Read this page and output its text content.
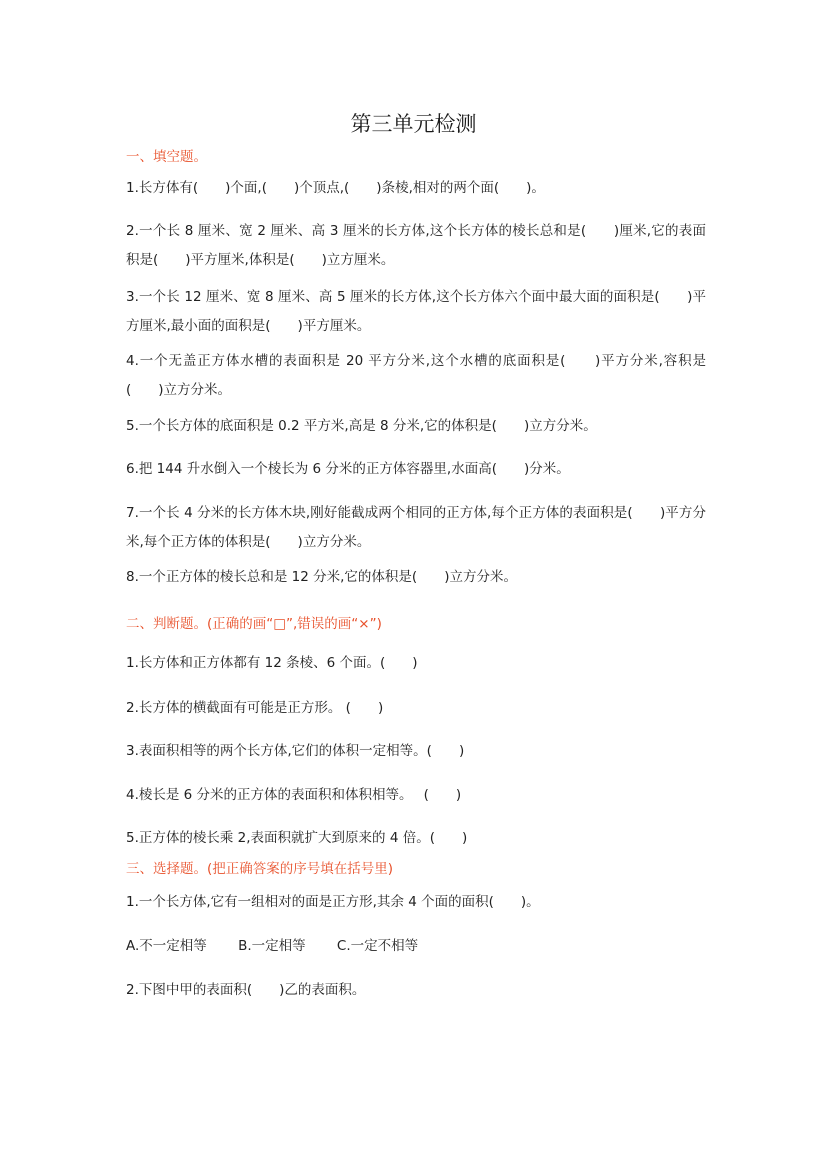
第三单元检测
一、填空题。
1.长方体有(　　)个面,(　　)个顶点,(　　)条棱,相对的两个面(　　)。
2.一个长 8 厘米、宽 2 厘米、高 3 厘米的长方体,这个长方体的棱长总和是(　　)厘米,它的表面积是(　　)平方厘米,体积是(　　)立方厘米。
3.一个长 12 厘米、宽 8 厘米、高 5 厘米的长方体,这个长方体六个面中最大面的面积是(　　)平方厘米,最小面的面积是(　　)平方厘米。
4.一个无盖正方体水槽的表面积是 20 平方分米,这个水槽的底面积是(　　)平方分米,容积是(　　)立方分米。
5.一个长方体的底面积是 0.2 平方米,高是 8 分米,它的体积是(　　)立方分米。
6.把 144 升水倒入一个棱长为 6 分米的正方体容器里,水面高(　　)分米。
7.一个长 4 分米的长方体木块,刚好能截成两个相同的正方体,每个正方体的表面积是(　　)平方分米,每个正方体的体积是(　　)立方分米。
8.一个正方体的棱长总和是 12 分米,它的体积是(　　)立方分米。
二、判断题。(正确的画“□”,错误的画“×”)
1.长方体和正方体都有 12 条棱、6 个面。(　　)
2.长方体的横截面有可能是正方形。 (　　)
3.表面积相等的两个长方体,它们的体积一定相等。(　　)
4.棱长是 6 分米的正方体的表面积和体积相等。　 (　　)
5.正方体的棱长乘 2,表面积就扩大到原来的 4 倍。(　　)
三、选择题。(把正确答案的序号填在括号里)
1.一个长方体,它有一组相对的面是正方形,其余 4 个面的面积(　　)。
A.不一定相等　　 B.一定相等　　 C.一定不相等
2.下图中甲的表面积(　　)乙的表面积。
